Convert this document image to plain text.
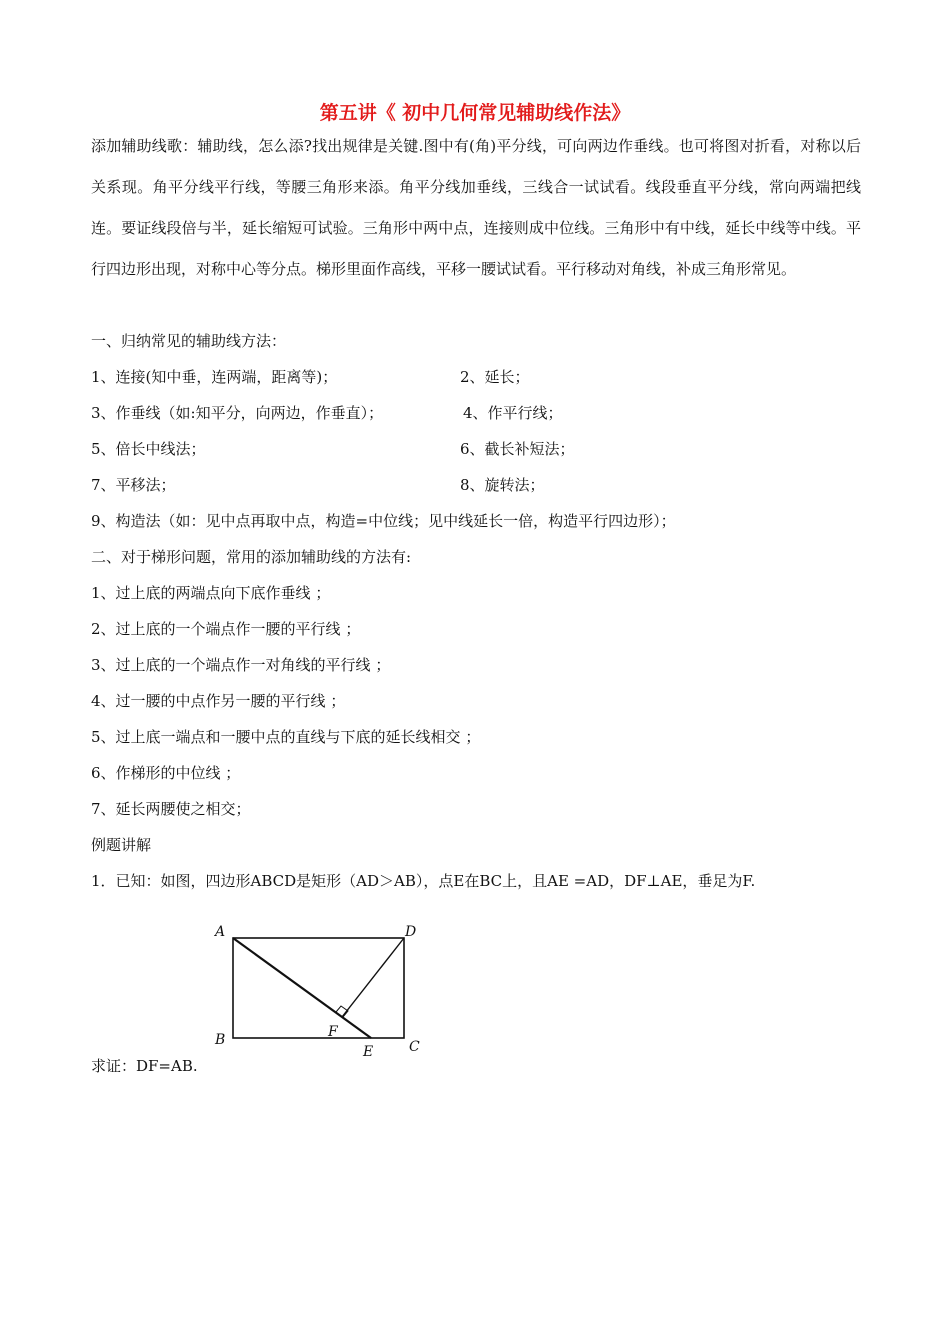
第五讲《 初中几何常见辅助线作法》

添加辅助线歌：辅助线，怎么添?找出规律是关键.图中有(角)平分线，可向两边作垂线。也可将图对折看，对称以后关系现。角平分线平行线，等腰三角形来添。角平分线加垂线，三线合一试试看。线段垂直平分线，常向两端把线连。要证线段倍与半，延长缩短可试验。三角形中两中点，连接则成中位线。三角形中有中线，延长中线等中线。平行四边形出现，对称中心等分点。梯形里面作高线，平移一腰试试看。平行移动对角线，补成三角形常见。

一、归纳常见的辅助线方法：
1、连接(知中垂，连两端，距离等)；	2、延长；
3、作垂线（如:知平分，向两边，作垂直）；	4、作平行线；
5、倍长中线法；	6、截长补短法；
7、平移法；	8、旋转法；
9、构造法（如：见中点再取中点，构造=中位线；见中线延长一倍，构造平行四边形）；
二、对于梯形问题，常用的添加辅助线的方法有:
1、过上底的两端点向下底作垂线 ；
2、过上底的一个端点作一腰的平行线 ；
3、过上底的一个端点作一对角线的平行线 ；
4、过一腰的中点作另一腰的平行线 ；
5、过上底一端点和一腰中点的直线与下底的延长线相交 ；
6、作梯形的中位线 ；
7、延长两腰使之相交；
例题讲解
1．已知：如图，四边形ABCD是矩形（AD＞AB），点E在BC上，且AE =AD，DF⊥AE，垂足为F.
A	D
B	C
E
F
求证：DF=AB.
